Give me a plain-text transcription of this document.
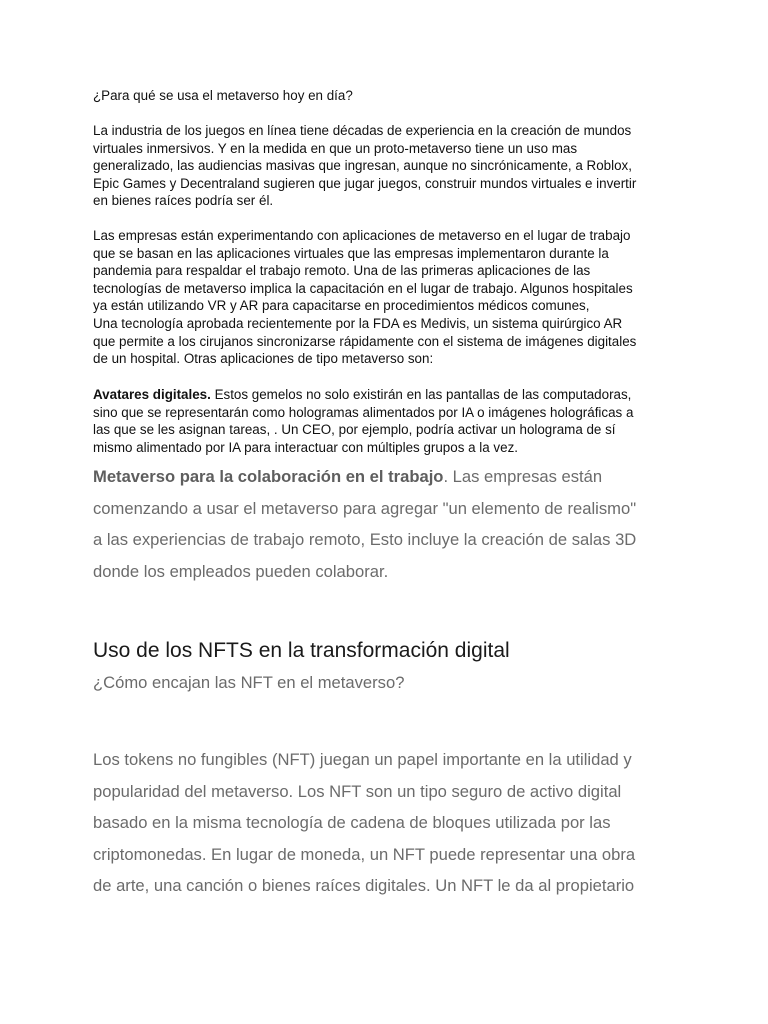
¿Para qué se usa el metaverso hoy en día?

La industria de los juegos en línea tiene décadas de experiencia en la creación de mundos
virtuales inmersivos. Y en la medida en que un proto-metaverso tiene un uso mas
generalizado, las audiencias masivas que ingresan, aunque no sincrónicamente, a Roblox,
Epic Games y Decentraland sugieren que jugar juegos, construir mundos virtuales e invertir
en bienes raíces podría ser él.

Las empresas están experimentando con aplicaciones de metaverso en el lugar de trabajo
que se basan en las aplicaciones virtuales que las empresas implementaron durante la
pandemia para respaldar el trabajo remoto. Una de las primeras aplicaciones de las
tecnologías de metaverso implica la capacitación en el lugar de trabajo. Algunos hospitales
ya están utilizando VR y AR para capacitarse en procedimientos médicos comunes,
Una tecnología aprobada recientemente por la FDA es Medivis, un sistema quirúrgico AR
que permite a los cirujanos sincronizarse rápidamente con el sistema de imágenes digitales
de un hospital. Otras aplicaciones de tipo metaverso son:

Avatares digitales. Estos gemelos no solo existirán en las pantallas de las computadoras,
sino que se representarán como hologramas alimentados por IA o imágenes holográficas a
las que se les asignan tareas, . Un CEO, por ejemplo, podría activar un holograma de sí
mismo alimentado por IA para interactuar con múltiples grupos a la vez.

Metaverso para la colaboración en el trabajo. Las empresas están
comenzando a usar el metaverso para agregar "un elemento de realismo"
a las experiencias de trabajo remoto, Esto incluye la creación de salas 3D
donde los empleados pueden colaborar.

Uso de los NFTS en la transformación digital

¿Cómo encajan las NFT en el metaverso?

Los tokens no fungibles (NFT) juegan un papel importante en la utilidad y
popularidad del metaverso. Los NFT son un tipo seguro de activo digital
basado en la misma tecnología de cadena de bloques utilizada por las
criptomonedas. En lugar de moneda, un NFT puede representar una obra
de arte, una canción o bienes raíces digitales. Un NFT le da al propietario
